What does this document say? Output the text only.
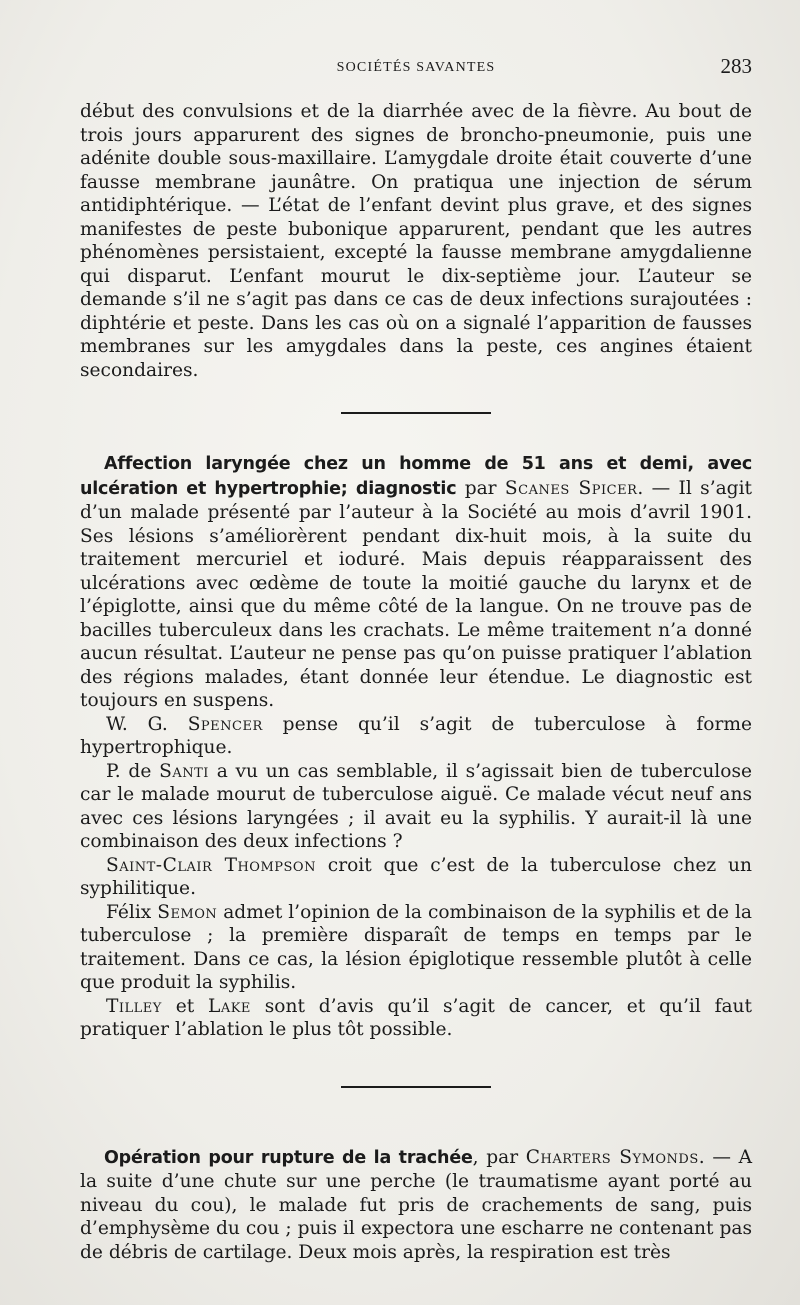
SOCIÉTÉS SAVANTES	283

début des convulsions et de la diarrhée avec de la fièvre. Au bout de trois jours apparurent des signes de broncho-pneumonie, puis une adénite double sous-maxillaire. L’amygdale droite était couverte d’une fausse membrane jaunâtre. On pratiqua une injection de sérum antidiphtérique. — L’état de l’enfant devint plus grave, et des signes manifestes de peste bubonique apparurent, pendant que les autres phénomènes persistaient, excepté la fausse membrane amygdalienne qui disparut. L’enfant mourut le dix-septième jour. L’auteur se demande s’il ne s’agit pas dans ce cas de deux infections surajoutées : diphtérie et peste. Dans les cas où on a signalé l’apparition de fausses membranes sur les amygdales dans la peste, ces angines étaient secondaires.

Affection laryngée chez un homme de 51 ans et demi, avec ulcération et hypertrophie; diagnostic par Scanes Spicer. — Il s’agit d’un malade présenté par l’auteur à la Société au mois d’avril 1901. Ses lésions s’améliorèrent pendant dix-huit mois, à la suite du traitement mercuriel et ioduré. Mais depuis réapparaissent des ulcérations avec œdème de toute la moitié gauche du larynx et de l’épiglotte, ainsi que du même côté de la langue. On ne trouve pas de bacilles tuberculeux dans les crachats. Le même traitement n’a donné aucun résultat. L’auteur ne pense pas qu’on puisse pratiquer l’ablation des régions malades, étant donnée leur étendue. Le diagnostic est toujours en suspens.

W. G. Spencer pense qu’il s’agit de tuberculose à forme hypertrophique.

P. de Santi a vu un cas semblable, il s’agissait bien de tuberculose car le malade mourut de tuberculose aiguë. Ce malade vécut neuf ans avec ces lésions laryngées ; il avait eu la syphilis. Y aurait-il là une combinaison des deux infections ?

Saint-Clair Thompson croit que c’est de la tuberculose chez un syphilitique.

Félix Semon admet l’opinion de la combinaison de la syphilis et de la tuberculose ; la première disparaît de temps en temps par le traitement. Dans ce cas, la lésion épiglotique ressemble plutôt à celle que produit la syphilis.

Tilley et Lake sont d’avis qu’il s’agit de cancer, et qu’il faut pratiquer l’ablation le plus tôt possible.

Opération pour rupture de la trachée, par Charters Symonds. — A la suite d’une chute sur une perche (le traumatisme ayant porté au niveau du cou), le malade fut pris de crachements de sang, puis d’emphysème du cou ; puis il expectora une escharre ne contenant pas de débris de cartilage. Deux mois après, la respiration est très
